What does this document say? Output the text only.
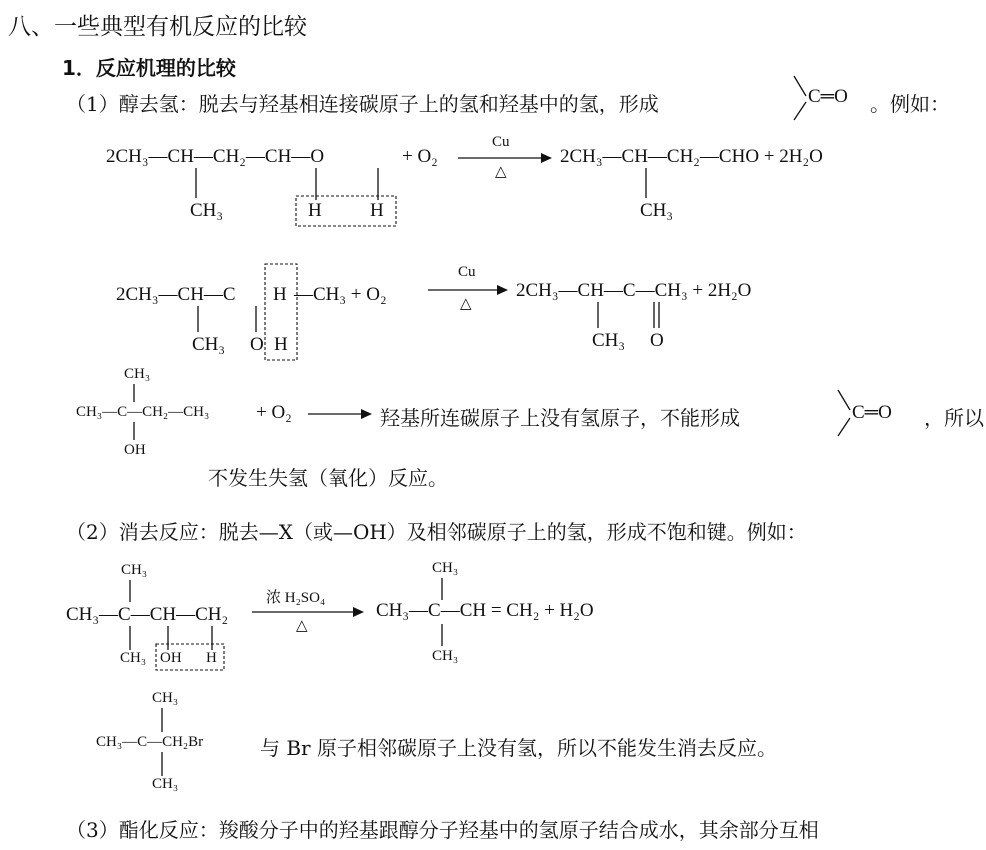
八、一些典型有机反应的比较
1．反应机理的比较
（1）醇去氢：脱去与羟基相连接碳原子上的氢和羟基中的氢，形成	C═O 。例如：
2CH₃—CH—CH₂—CH—O	+ O₂
CH₃	H	H
Cu
△
2CH₃—CH—CH₂—CHO + 2H₂O
CH₃
2CH₃—CH—C H —CH₃ + O₂
CH₃ O H
Cu
△
2CH₃—CH—C—CH₃ + 2H₂O
CH₃ O
CH₃
CH₃—C—CH₂—CH₃
OH
+ O₂	羟基所连碳原子上没有氢原子，不能形成	C═O ，所以
不发生失氢（氧化）反应。
（2）消去反应：脱去—X（或—OH）及相邻碳原子上的氢，形成不饱和键。例如：
CH₃
CH₃—C—CH—CH₂
CH₃ OH H
浓 H₂SO₄
△
CH₃
CH₃—C—CH = CH₂ + H₂O
CH₃
CH₃
CH₃—C—CH₂Br
CH₃
与 Br 原子相邻碳原子上没有氢，所以不能发生消去反应。
（3）酯化反应：羧酸分子中的羟基跟醇分子羟基中的氢原子结合成水，其余部分互相
